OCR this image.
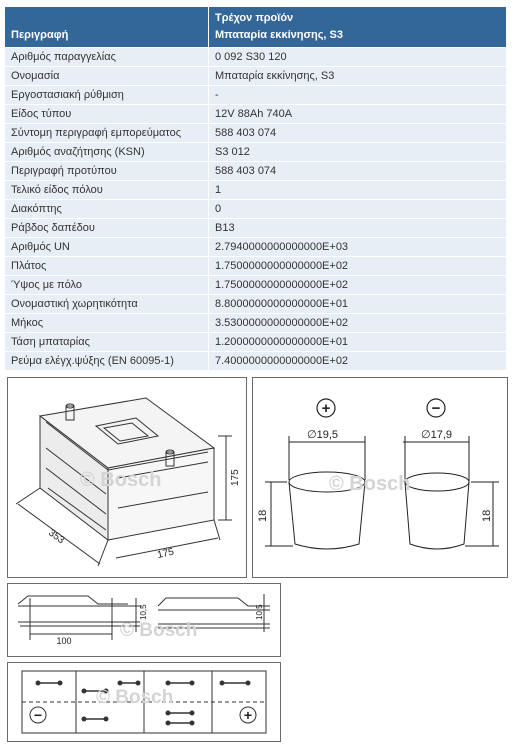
Περιγραφή	Τρέχον προϊόν
Μπαταρία εκκίνησης, S3

Αριθμός παραγγελίας	0 092 S30 120
Ονομασία	Μπαταρία εκκίνησης, S3
Εργοστασιακή ρύθμιση	-
Είδος τύπου	12V 88Ah 740A
Σύντομη περιγραφή εμπορεύματος	588 403 074
Αριθμός αναζήτησης (KSN)	S3 012
Περιγραφή προτύπου	588 403 074
Τελικό είδος πόλου	1
Διακόπτης	0
Ράβδος δαπέδου	B13
Αριθμός UN	2.7940000000000000E+03
Πλάτος	1.7500000000000000E+02
Ύψος με πόλο	1.7500000000000000E+02
Ονομαστική χωρητικότητα	8.8000000000000000E+01
Μήκος	3.5300000000000000E+02
Τάση μπαταρίας	1.2000000000000000E+01
Ρεύμα ελέγχ.ψύξης (EN 60095-1)	7.4000000000000000E+02
© Bosch
353
175
175
+	−
∅19,5	∅17,9
18	18
© Bosch
100
10,5	10,5
© Bosch
−	+
© Bosch
